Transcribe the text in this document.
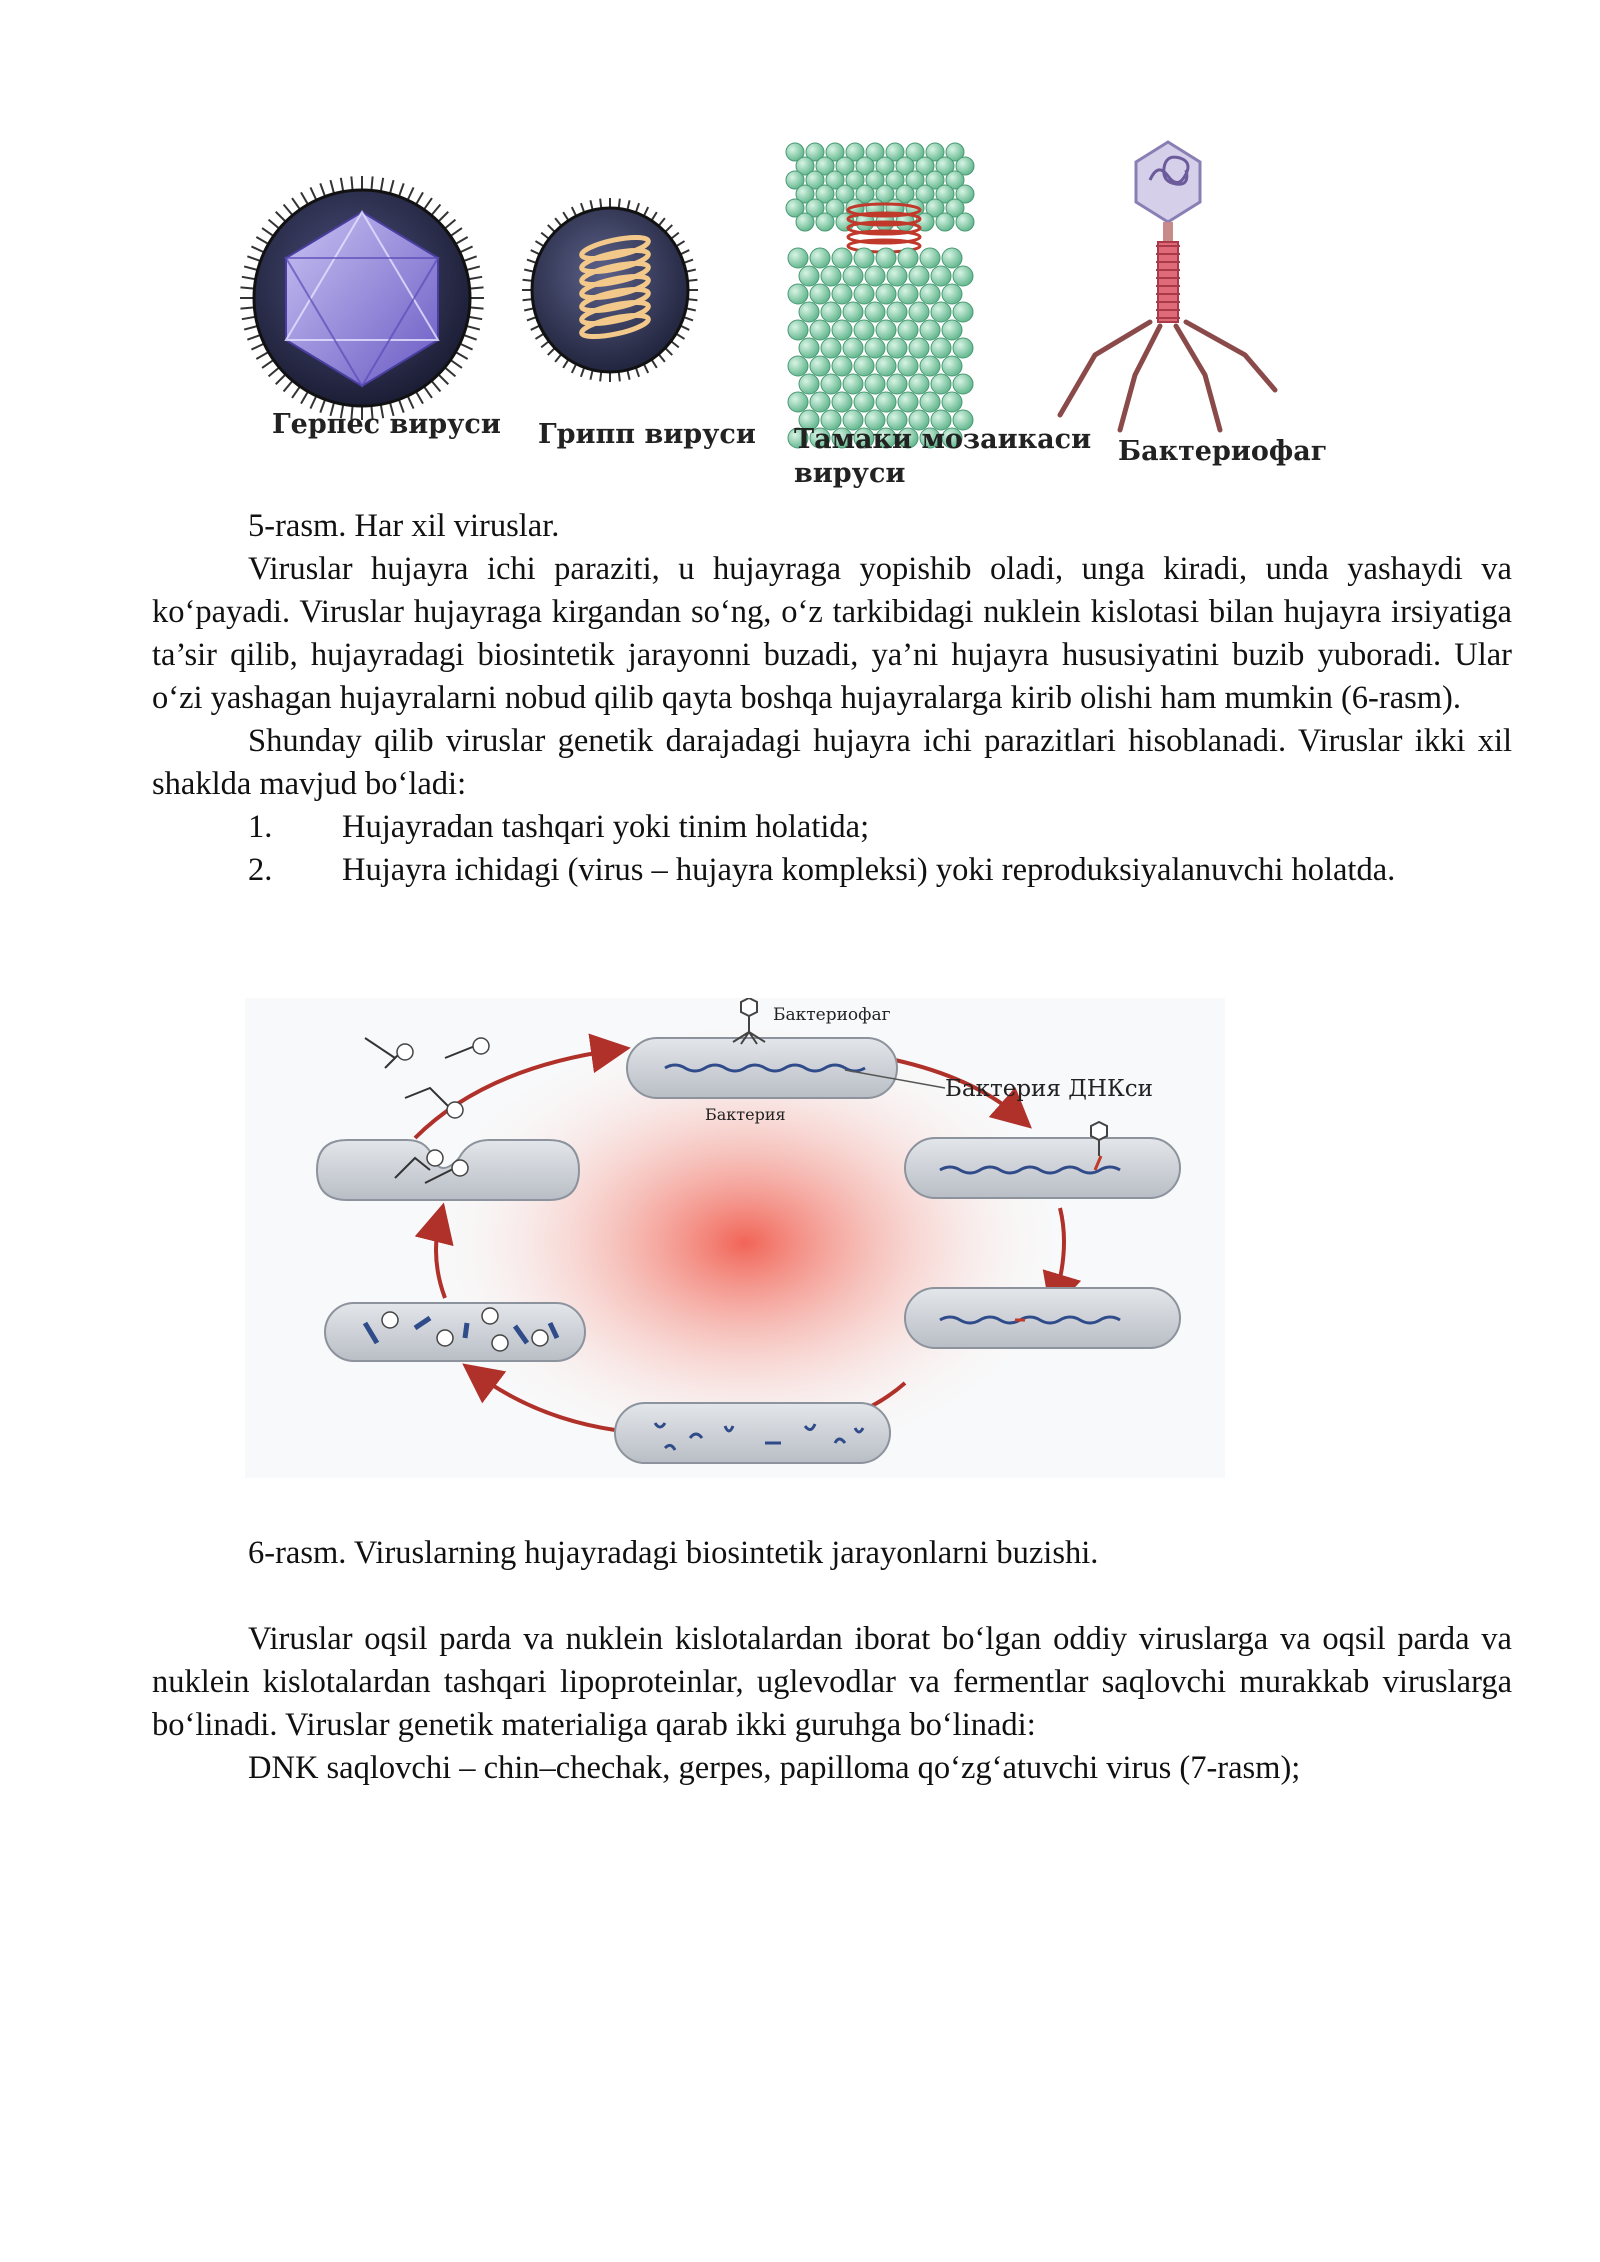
Герпес вируси Грипп вируси Тамаки мозаикаси
вируси
Бактериофаг
5-rasm. Har xil viruslar.

Viruslar hujayra ichi paraziti, u hujayraga yopishib oladi, unga kiradi, unda yashaydi va ko‘payadi. Viruslar hujayraga kirgandan so‘ng, o‘z tarkibidagi nuklein kislotasi bilan hujayra irsiyatiga ta’sir qilib, hujayradagi biosintetik jarayonni buzadi, ya’ni hujayra hususiyatini buzib yuboradi. Ular o‘zi yashagan hujayralarni nobud qilib qayta boshqa hujayralarga kirib olishi ham mumkin (6-rasm).

Shunday qilib viruslar genetik darajadagi hujayra ichi parazitlari hisoblanadi. Viruslar ikki xil shaklda mavjud bo‘ladi:

1. Hujayradan tashqari yoki tinim holatida;
2.	Hujayra ichidagi (virus – hujayra kompleksi) yoki reproduksiyalanuvchi holatda.
Бактериофаг
Бактерия
Бактерия ДНКси
6-rasm. Viruslarning hujayradagi biosintetik jarayonlarni buzishi.

Viruslar oqsil parda va nuklein kislotalardan iborat bo‘lgan oddiy viruslarga va oqsil parda va nuklein kislotalardan tashqari lipoproteinlar, uglevodlar va fermentlar saqlovchi murakkab viruslarga bo‘linadi. Viruslar genetik materialiga qarab ikki guruhga bo‘linadi:

DNK saqlovchi – chin–chechak, gerpes, papilloma qo‘zg‘atuvchi virus (7-rasm);
